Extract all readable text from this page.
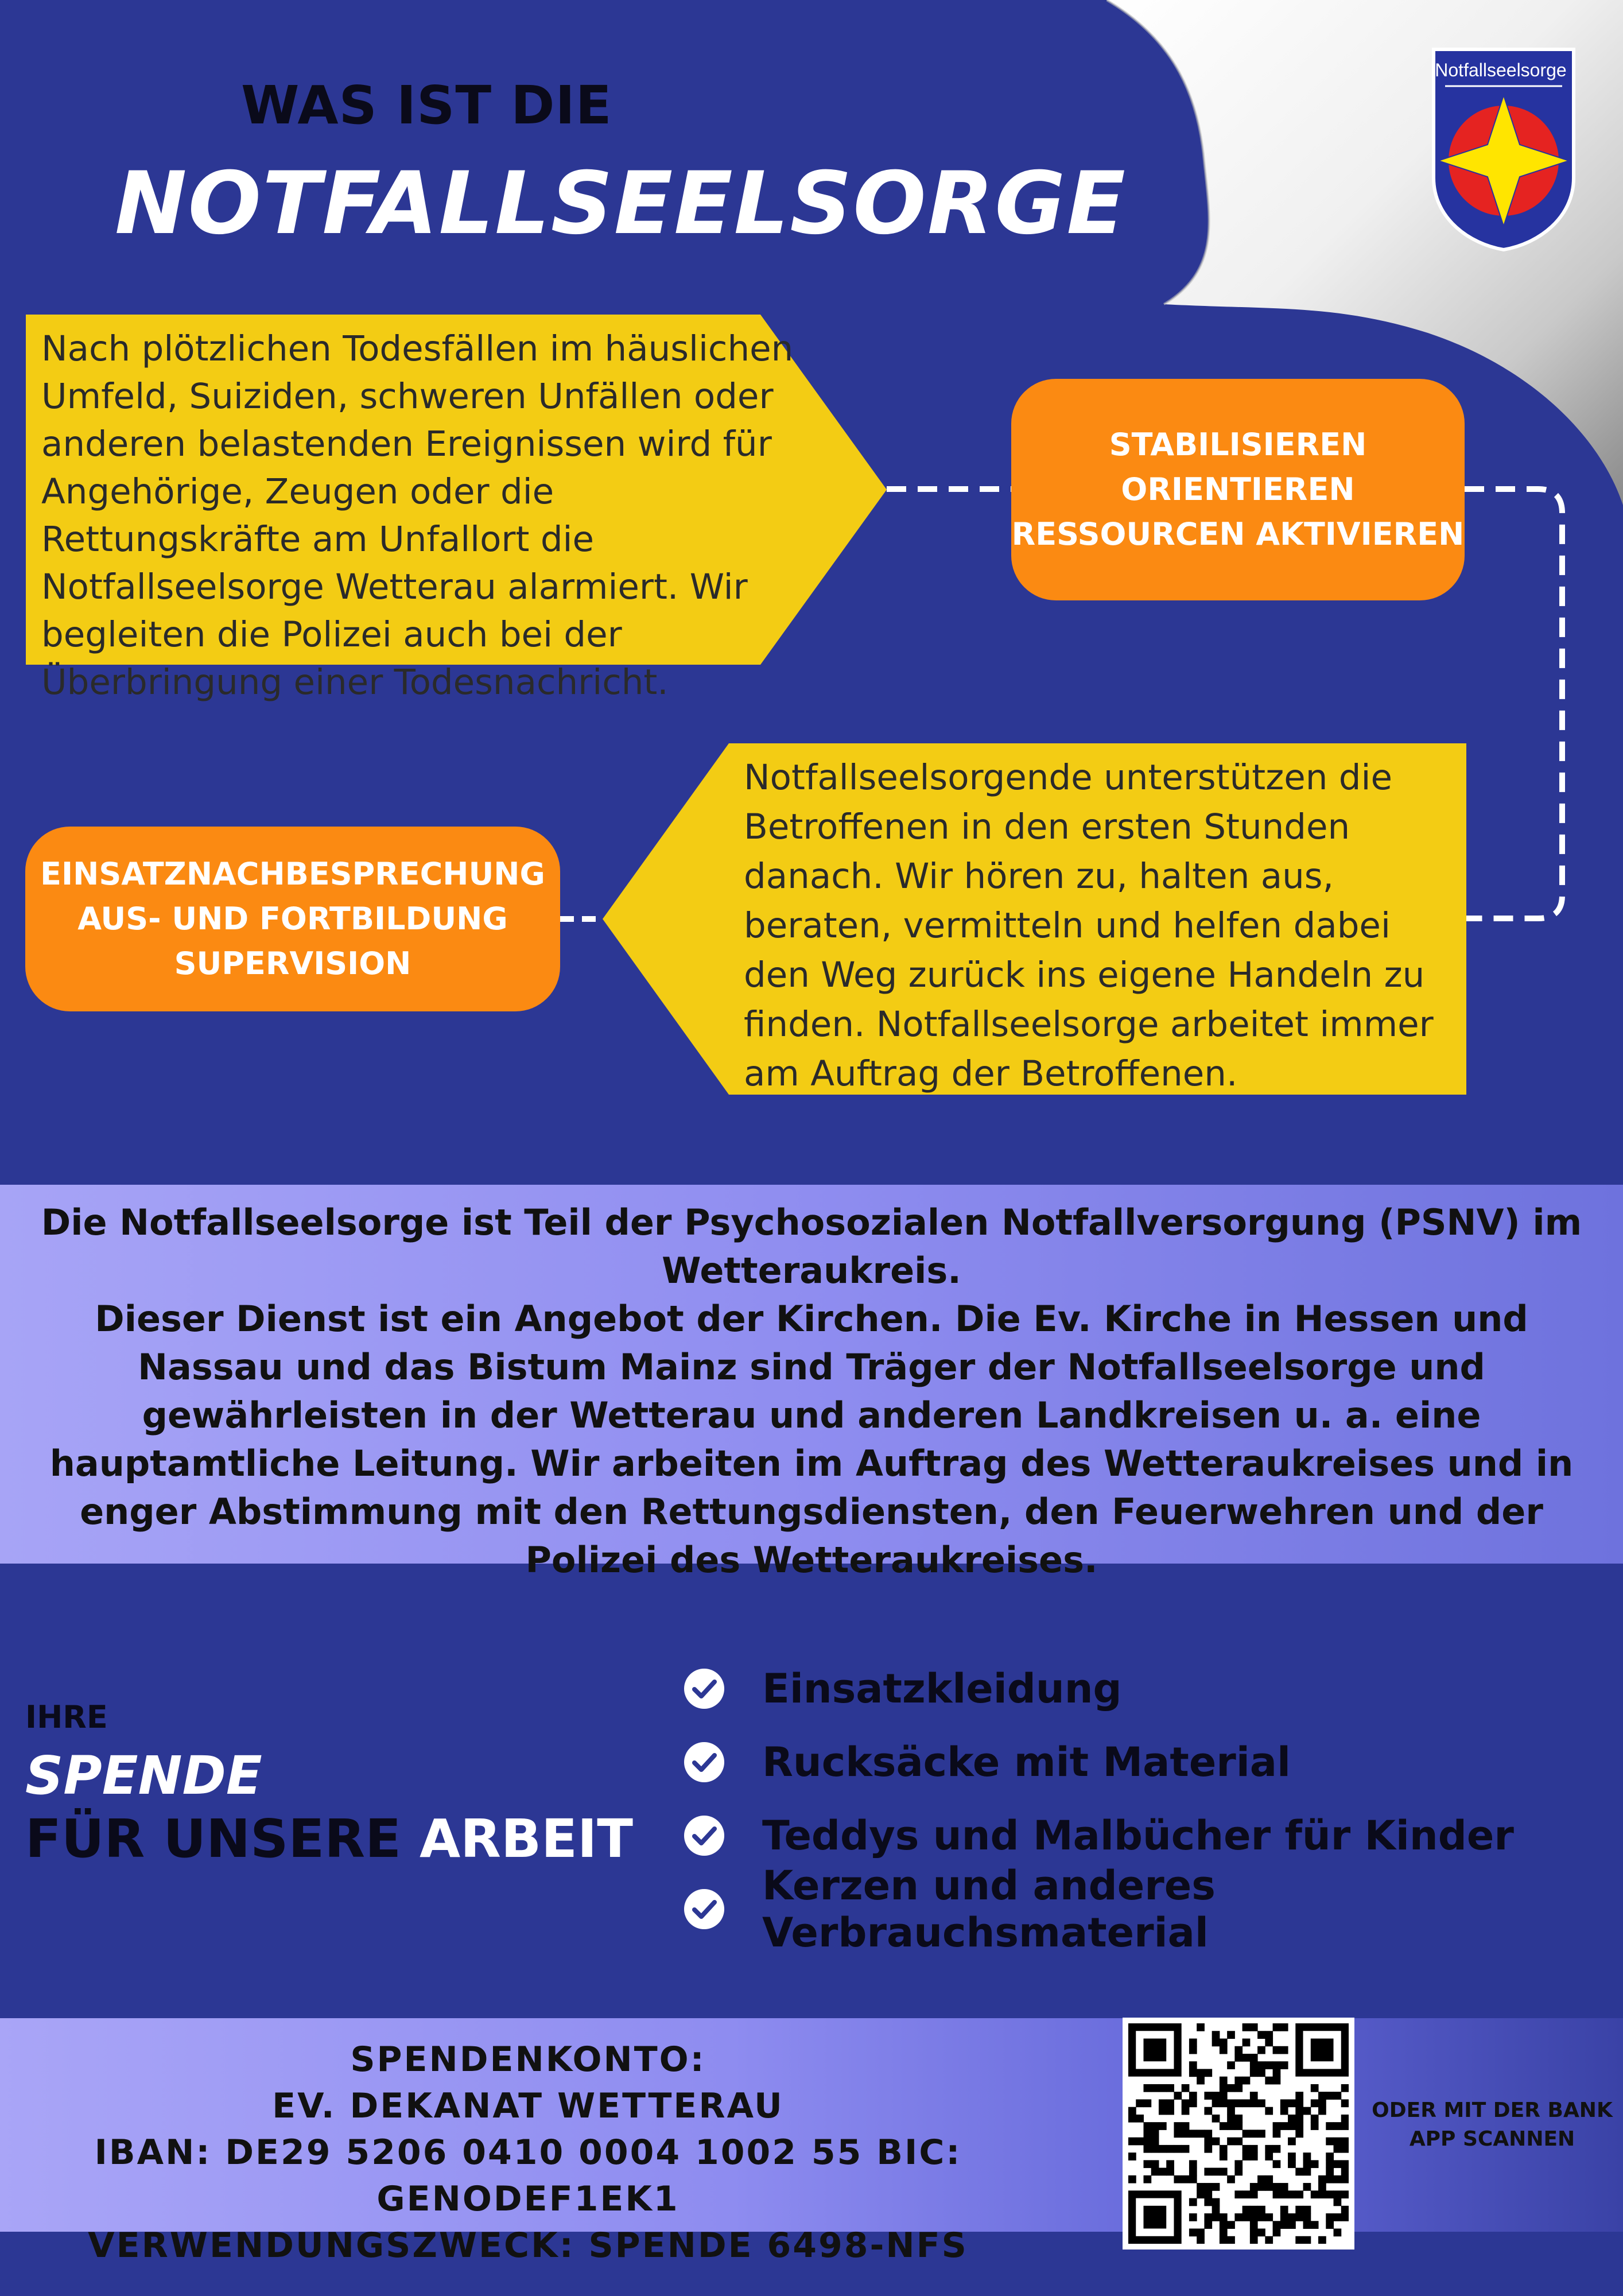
Notfallseelsorge
WAS IST DIE
NOTFALLSEELSORGE
Nach plötzlichen Todesfällen im häuslichen Umfeld, Suiziden, schweren Unfällen oder anderen belastenden Ereignissen wird für Angehörige, Zeugen oder die Rettungskräfte am Unfallort die Notfallseelsorge Wetterau alarmiert. Wir begleiten die Polizei auch bei der Überbringung einer Todesnachricht.
STABILISIEREN
ORIENTIEREN
RESSOURCEN AKTIVIEREN
Notfallseelsorgende unterstützen die Betroffenen in den ersten Stunden danach. Wir hören zu, halten aus, beraten, vermitteln und helfen dabei den Weg zurück ins eigene Handeln zu finden. Notfallseelsorge arbeitet immer am Auftrag der Betroffenen.
EINSATZNACHBESPRECHUNG
AUS- UND FORTBILDUNG
SUPERVISION
Die Notfallseelsorge ist Teil der Psychosozialen Notfallversorgung (PSNV) im Wetteraukreis.
Dieser Dienst ist ein Angebot der Kirchen. Die Ev. Kirche in Hessen und Nassau und das Bistum Mainz sind Träger der Notfallseelsorge und gewährleisten in der Wetterau und anderen Landkreisen u. a. eine hauptamtliche Leitung. Wir arbeiten im Auftrag des Wetteraukreises und in enger Abstimmung mit den Rettungsdiensten, den Feuerwehren und der Polizei des Wetteraukreises.
IHRE
SPENDE
FÜR UNSERE ARBEIT
Einsatzkleidung
Rucksäcke mit Material
Teddys und Malbücher für Kinder
Kerzen und anderes Verbrauchsmaterial
SPENDENKONTO:
EV. DEKANAT WETTERAU
IBAN: DE29 5206 0410 0004 1002 55 BIC: GENODEF1EK1
VERWENDUNGSZWECK: SPENDE 6498-NFS
ODER MIT DER BANK APP SCANNEN
